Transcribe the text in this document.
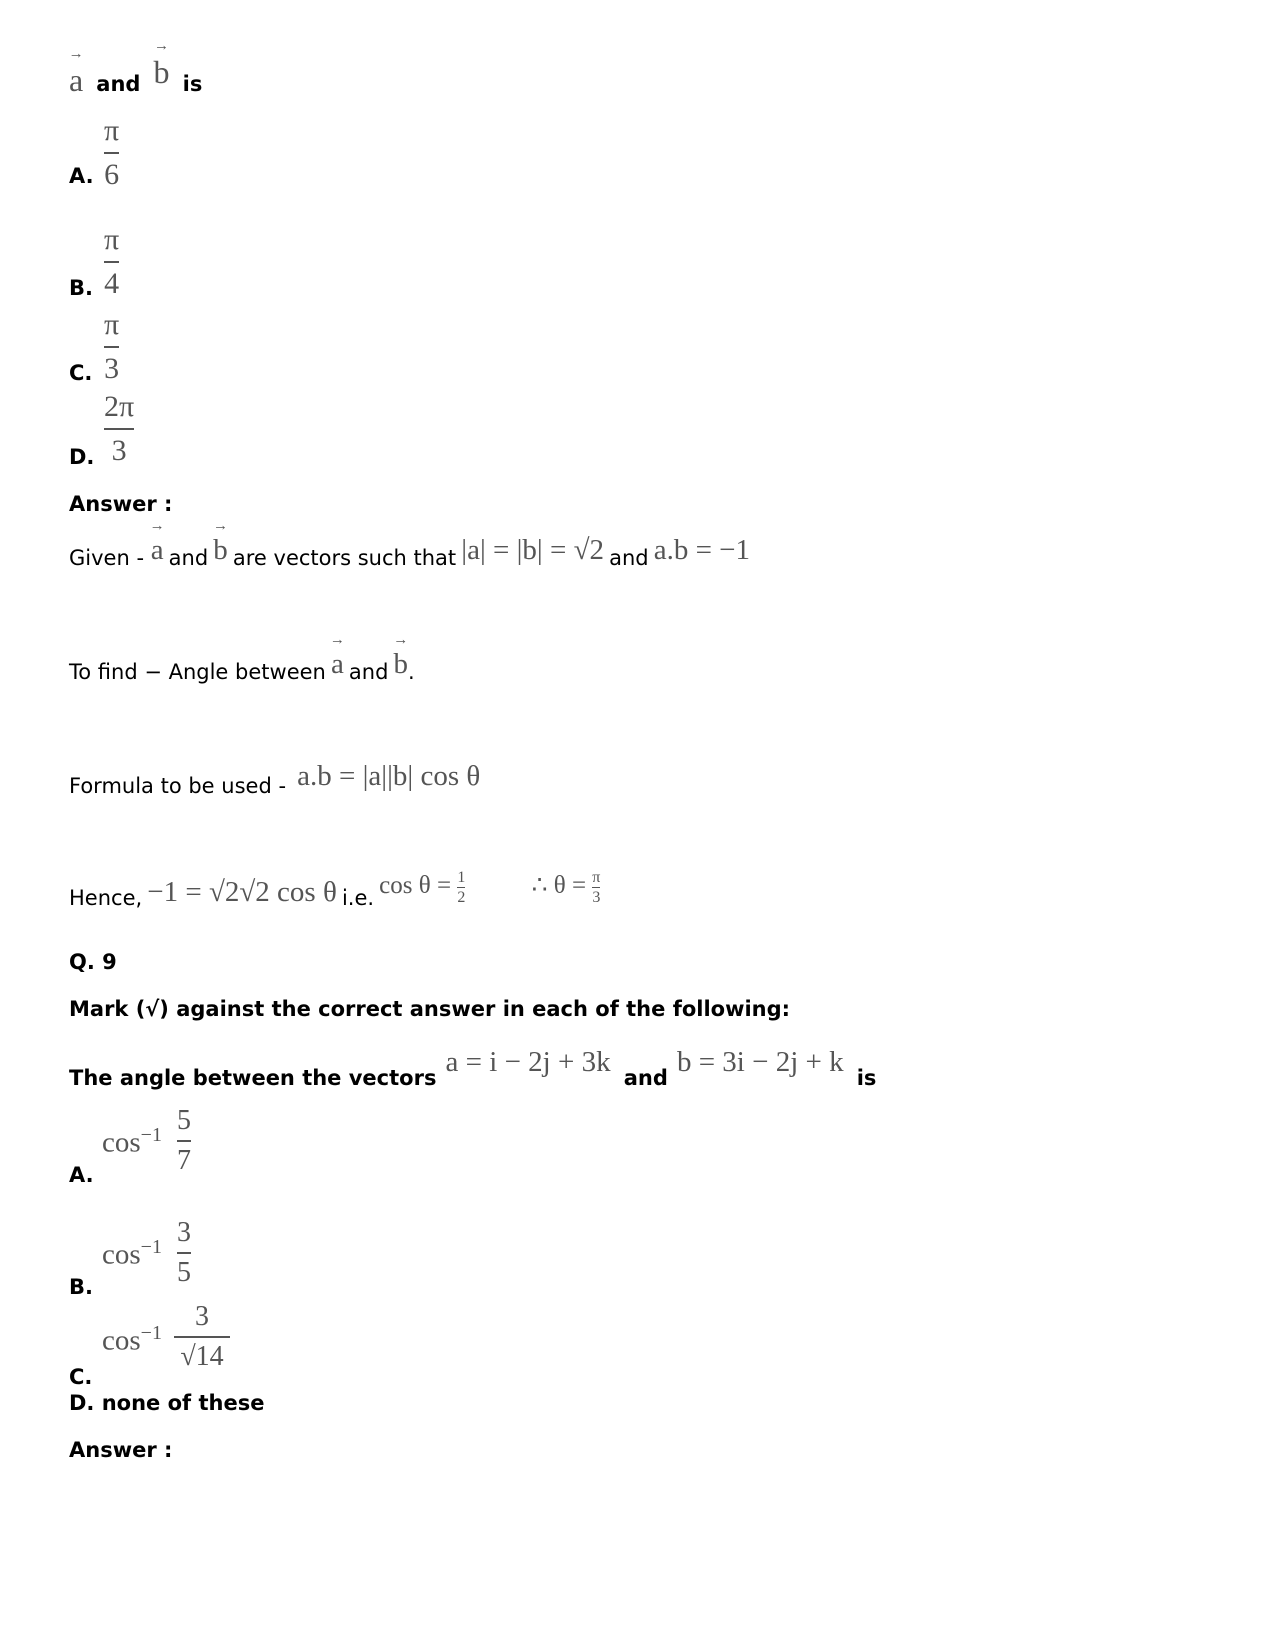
→
a and
→
b is
A.
π
6
B.
π
4
C.
π
3
D.
2π
3
Answer :
Given -
→
a and
→
b are vectors such that |a| = |b| = √2 and a.b = −1
To find − Angle between
→
a and
→
b.
Formula to be used - a.b = |a||b| cos θ
Hence, −1 = √2√2 cos θ i.e. $\cos \theta = \frac{1}{2}$	∴ $\theta = \frac{\pi}{3}$
Q. 9
Mark (√) against the correct answer in each of the following:
The angle between the vectors a = i − 2j + 3k and b = 3i − 2j + k is
A.
$\cos^{-1} 5$
7
B.
$\cos^{-1} 3$
5
C.
$\cos^{-1}$
3
√14
D. none of these
Answer :
